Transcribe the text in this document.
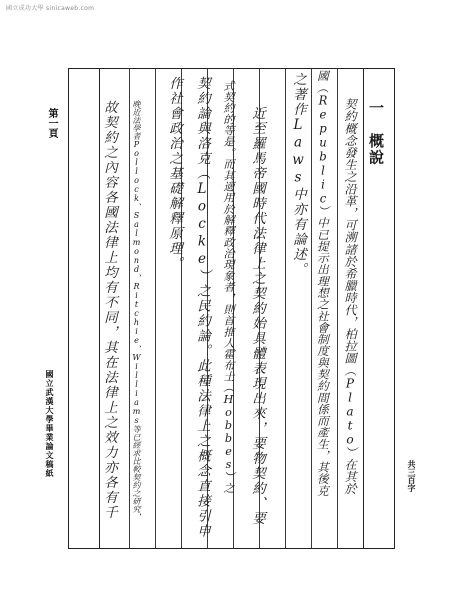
國立成功大學 sinicaweb.com
第一頁
國立武漢大學畢業論文稿紙	共三百字
一　概說
契約概念發生之沿革，可溯諸於希臘時代，柏拉圖（Plato）在其於
國（Republic）中已提示出理想之社會制度與契約間係而產生，其後克
之著作Laws中亦有論述。
近至羅馬帝國時代法律上之契約始具體表現出來，要物契約、要
式契約的等是。而其適用於解釋政治現象者，則首推人霍布士（Hobbes）之
契約論與洛克（Locke）之民約論。此種法律上之概念直接引申
作社會政治之基礎解釋原理。
晚近法學者Pollock、Salmond、Ritchie、Williams等已經求比較契約之研究，
故契約之內容各國法律上均有不同，其在法律上之效力亦各有千
